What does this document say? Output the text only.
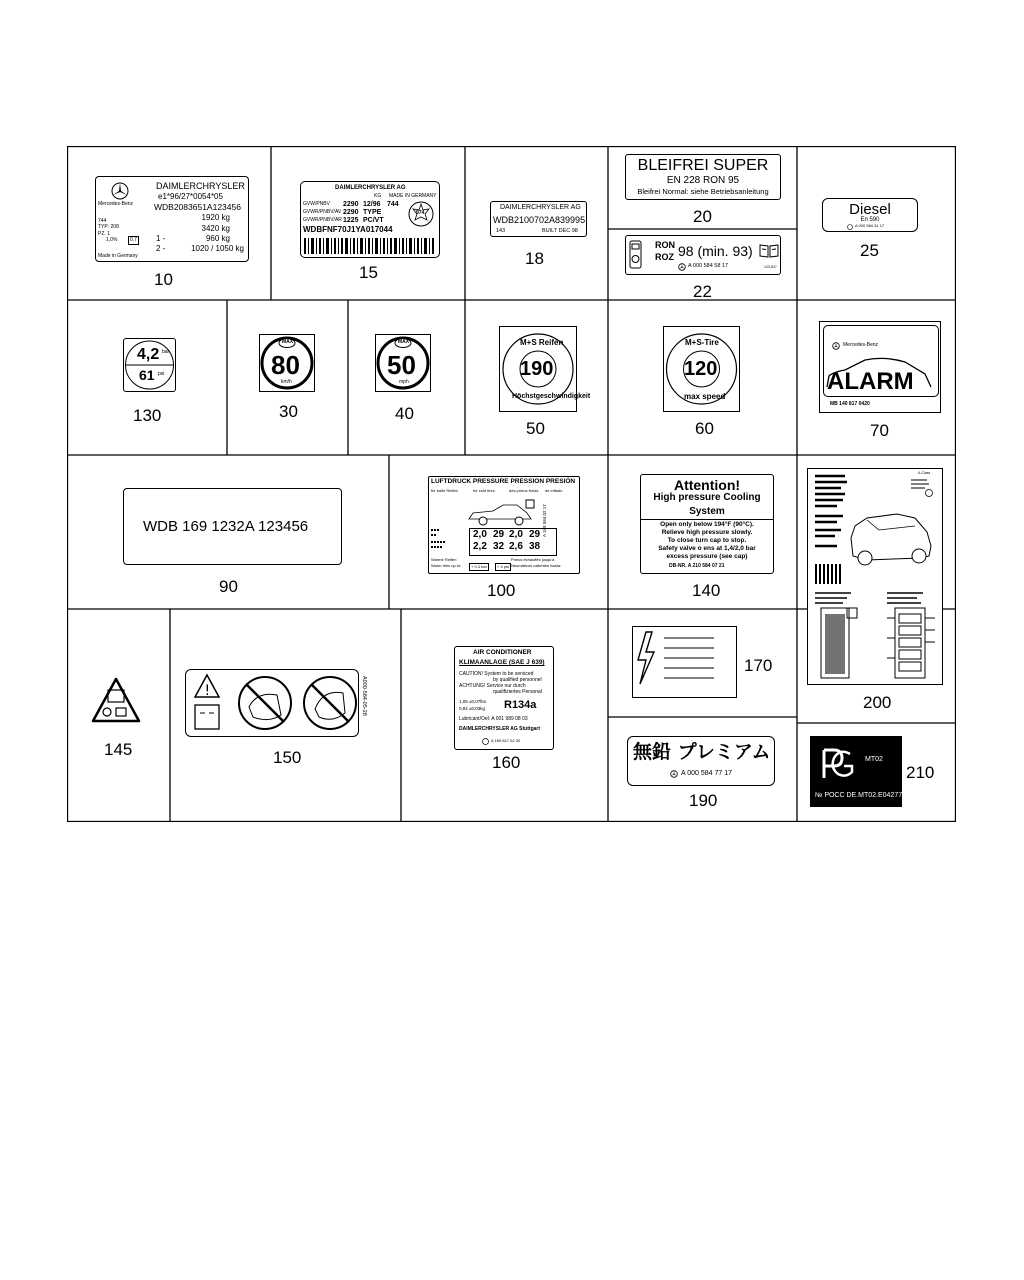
Mercedes-Benz
DAIMLERCHRYSLER
e1*96/27*0054*05
WDB2083651A123456
744
TYP: 208
PZ. 1
1,0%	0.7
1920 kg
3420 kg
1 -	960 kg
2 -	1020 / 1050 kg
Made in Germany
10
DAIMLERCHRYSLER AG
KG MADE IN GERMANY
GVW/PNBV 2290 12/96 744
GVWR/PNBV/AV 2290 TYPE
GVWR/PNBV/AR 1225 PC/VT
WDBFNF70J1YA017044
974
15
DAIMLERCHRYSLER AG
WDB2100702A839995
143	BUILT DEC 98
18
BLEIFREI SUPER
EN 228 RON 95
Bleifrei Normal: siehe Betriebsanleitung
20
RON
ROZ 98 (min. 93)
A 000 584 58 17	123-827
22
Diesel
En 590
A 000 584 31 17
25
4,2 bar
61 psi
130
MAX
80
km/h
30
MAX
50
mph
40
M+S Reifen
190
Höchstgeschwindigkeit
50
M+S-Tire
120
max speed
60
Mercedes-Benz
ALARM
MB 140 817 0420
70
WDB 169 1232A 123456
90
LUFTDRUCK PRESSURE PRESSION PRESIÓN
für kalte Reifen	for cold tires	des pneus froids de inflado
2,0 29 2,0 29
2,2 32 2,6 38
Warme Reifen
Warm tires up to:	+ 0,3 bar	+ 4 psi
Pneus échauffés jusqu'à
Neumáticos calientes hasta:
A 169 584 02 17
100
Attention!
High pressure Cooling
System
Open only below 194°F (90°C).
Relieve high pressure slowly.
To close turn cap to stop.
Safety valve o ens at 1,4/2,0 bar
excess pressure (see cap)
DB-NR. A 210 584 07 21
140
A-Class
200
145
!	A000-584-05-28
150
AIR CONDITIONER
KLIMAANLAGE (SAE J 639)
CAUTION! System to be serviced
by qualified personnel
ACHTUNG! Service nur durch
qualifiziertes Personal
1,05 ±0,07lbs
0,84 ±0,03kg R134a
Lubricant/Oel: A 001 989 08 03
DAIMLERCHRYSLER AG Stuttgart
A 169 817 02 20
160
170
無鉛 プレミアム
A 000 584 77 17
190
MT02
№ РОСС DE.МТ02.Е04277
210
